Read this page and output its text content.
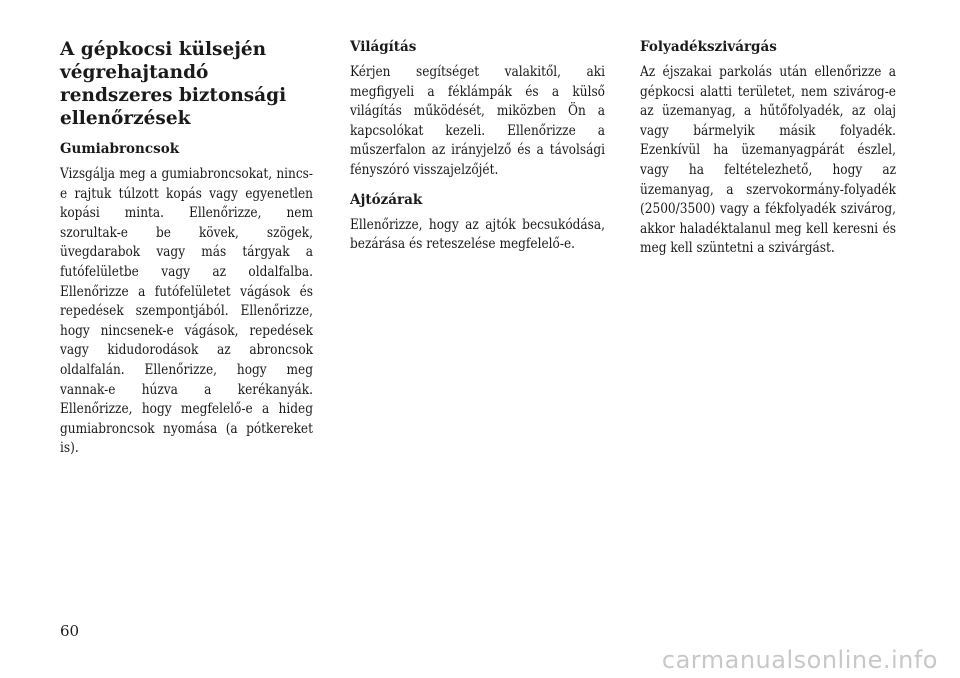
A gépkocsi külsején végrehajtandó rendszeres biztonsági ellenőrzések
Gumiabroncsok

Vizsgálja meg a gumiabroncsokat, nincs-e rajtuk túlzott kopás vagy egyenetlen kopási minta. Ellenőrizze, nem szorultak-e be kövek, szögek, üvegdarabok vagy más tárgyak a futófelületbe vagy az oldalfalba. Ellenőrizze a futófelületet vágások és repedések szempontjából. Ellenőrizze, hogy nincsenek-e vágások, repedések vagy kidudorodások az abroncsok oldalfalán. Ellenőrizze, hogy meg vannak-e húzva a kerékanyák. Ellenőrizze, hogy megfelelő-e a hideg gumiabroncsok nyomása (a pótkereket is).

Világítás

Kérjen segítséget valakitől, aki megfigyeli a féklámpák és a külső világítás működését, miközben Ön a kapcsolókat kezeli. Ellenőrizze a műszerfalon az irányjelző és a távolsági fényszóró visszajelzőjét.

Ajtózárak

Ellenőrizze, hogy az ajtók becsukódása, bezárása és reteszelése megfelelő-e.

Folyadékszivárgás

Az éjszakai parkolás után ellenőrizze a gépkocsi alatti területet, nem szivárog-e az üzemanyag, a hűtőfolyadék, az olaj vagy bármelyik másik folyadék. Ezenkívül ha üzemanyagpárát észlel, vagy ha feltételezhető, hogy az üzemanyag, a szervokormány-folyadék (2500/3500) vagy a fékfolyadék szivárog, akkor haladéktalanul meg kell keresni és meg kell szüntetni a szivárgást.

60
carmanualsonline.info
